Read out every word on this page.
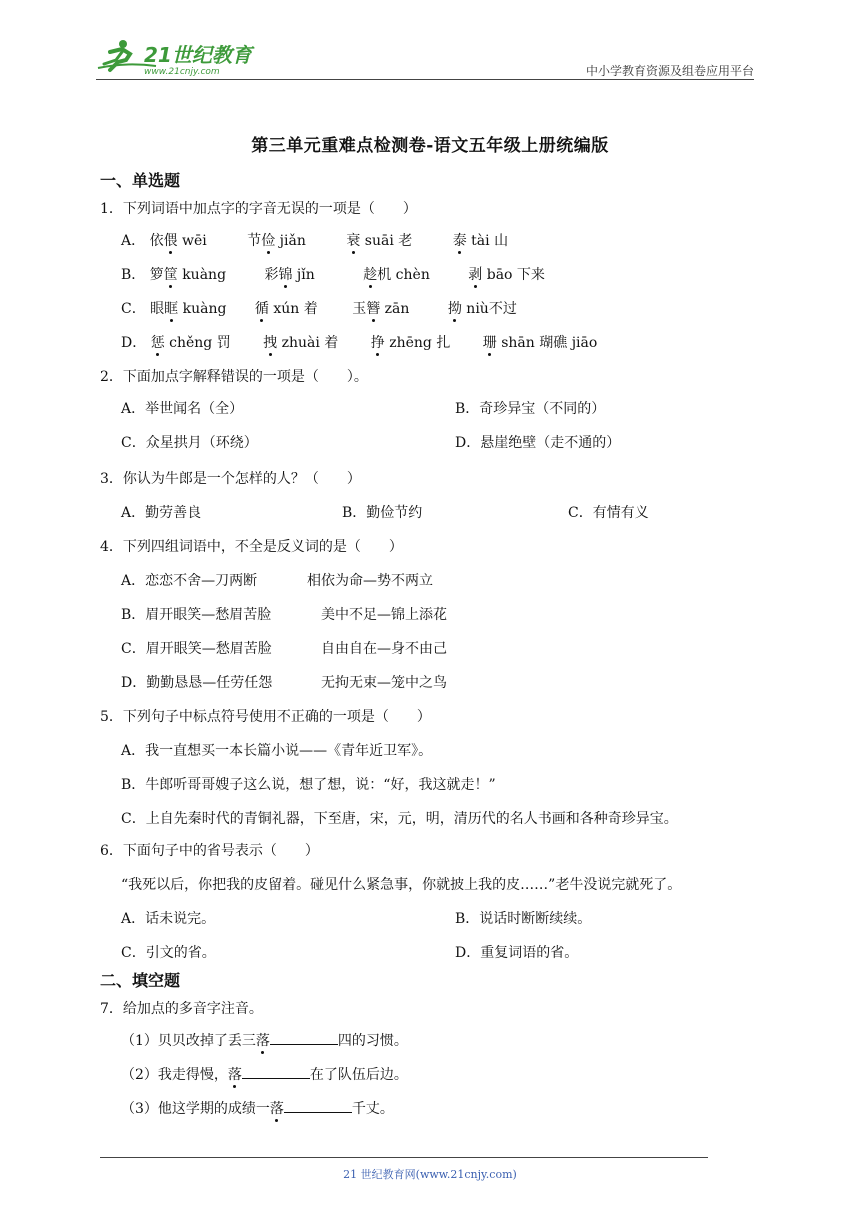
21世纪教育
www.21cnjy.com	中小学教育资源及组卷应用平台
第三单元重难点检测卷-语文五年级上册统编版
一、单选题
1．下列词语中加点字的字音无误的一项是（　　）
A． 依偎 wēi	节俭 jiǎn	衰 suāi 老	泰 tài 山
B． 箩筐 kuàng	彩锦 jǐn	趁机 chèn	剥 bāo 下来
C． 眼眶 kuàng 循 xún 着 玉簪 zān	拗 niù不过
D． 惩 chěng 罚 拽 zhuài 着 挣 zhēng 扎 珊 shān 瑚礁 jiāo
2．下面加点字解释错误的一项是（　　）。
A．举世闻名（全）	B．奇珍异宝（不同的）
C．众星拱月（环绕）	D．悬崖绝壁（走不通的）
3．你认为牛郎是一个怎样的人？（　　）
A．勤劳善良	B．勤俭节约	C．有情有义
4．下列四组词语中，不全是反义词的是（　　）
A．恋恋不舍—刀两断	相依为命—势不两立
B．眉开眼笑—愁眉苦脸	美中不足—锦上添花
C．眉开眼笑—愁眉苦脸	自由自在—身不由己
D．勤勤恳恳—任劳任怨	无拘无束—笼中之鸟
5．下列句子中标点符号使用不正确的一项是（　　）
A．我一直想买一本长篇小说——《青年近卫军》。
B．牛郎听哥哥嫂子这么说，想了想，说：“好，我这就走！”
C．上自先秦时代的青铜礼器，下至唐，宋，元，明，清历代的名人书画和各种奇珍异宝。
6．下面句子中的省号表示（　　）
“我死以后，你把我的皮留着。碰见什么紧急事，你就披上我的皮……”老牛没说完就死了。
A．话未说完。	B．说话时断断续续。
C．引文的省。	D．重复词语的省。
二、填空题
7．给加点的多音字注音。
（1）贝贝改掉了丢三落	四的习惯。
（2）我走得慢，落	在了队伍后边。
（3）他这学期的成绩一落	千丈。
21 世纪教育网(www.21cnjy.com)
